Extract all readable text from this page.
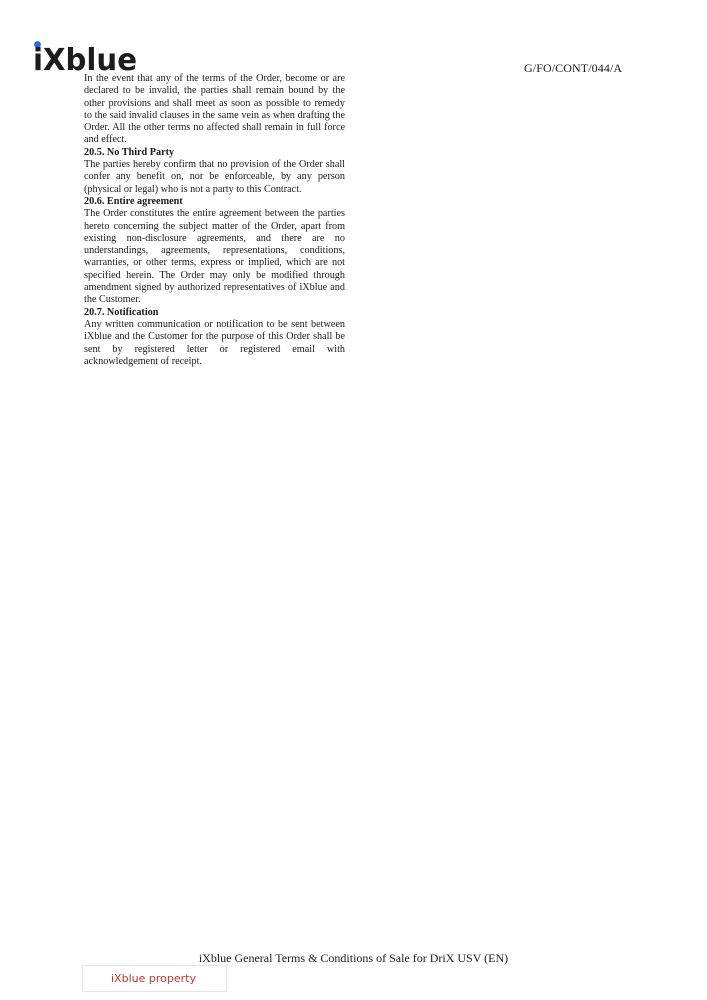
iXblue	G/FO/CONT/044/A

In the event that any of the terms of the Order, become or are declared to be invalid, the parties shall remain bound by the other provisions and shall meet as soon as possible to remedy to the said invalid clauses in the same vein as when drafting the Order. All the other terms no affected shall remain in full force and effect.

20.5. No Third Party

The parties hereby confirm that no provision of the Order shall confer any benefit on, nor be enforceable, by any person (physical or legal) who is not a party to this Contract.

20.6. Entire agreement

The Order constitutes the entire agreement between the parties hereto concerning the subject matter of the Order, apart from existing non-disclosure agreements, and there are no understandings, agreements, representations, conditions, warranties, or other terms, express or implied, which are not specified herein. The Order may only be modified through amendment signed by authorized representatives of iXblue and the Customer.

20.7. Notification

Any written communication or notification to be sent between iXblue and the Customer for the purpose of this Order shall be sent by registered letter or registered email with acknowledgement of receipt.

iXblue General Terms & Conditions of Sale for DriX USV (EN)
iXblue property
